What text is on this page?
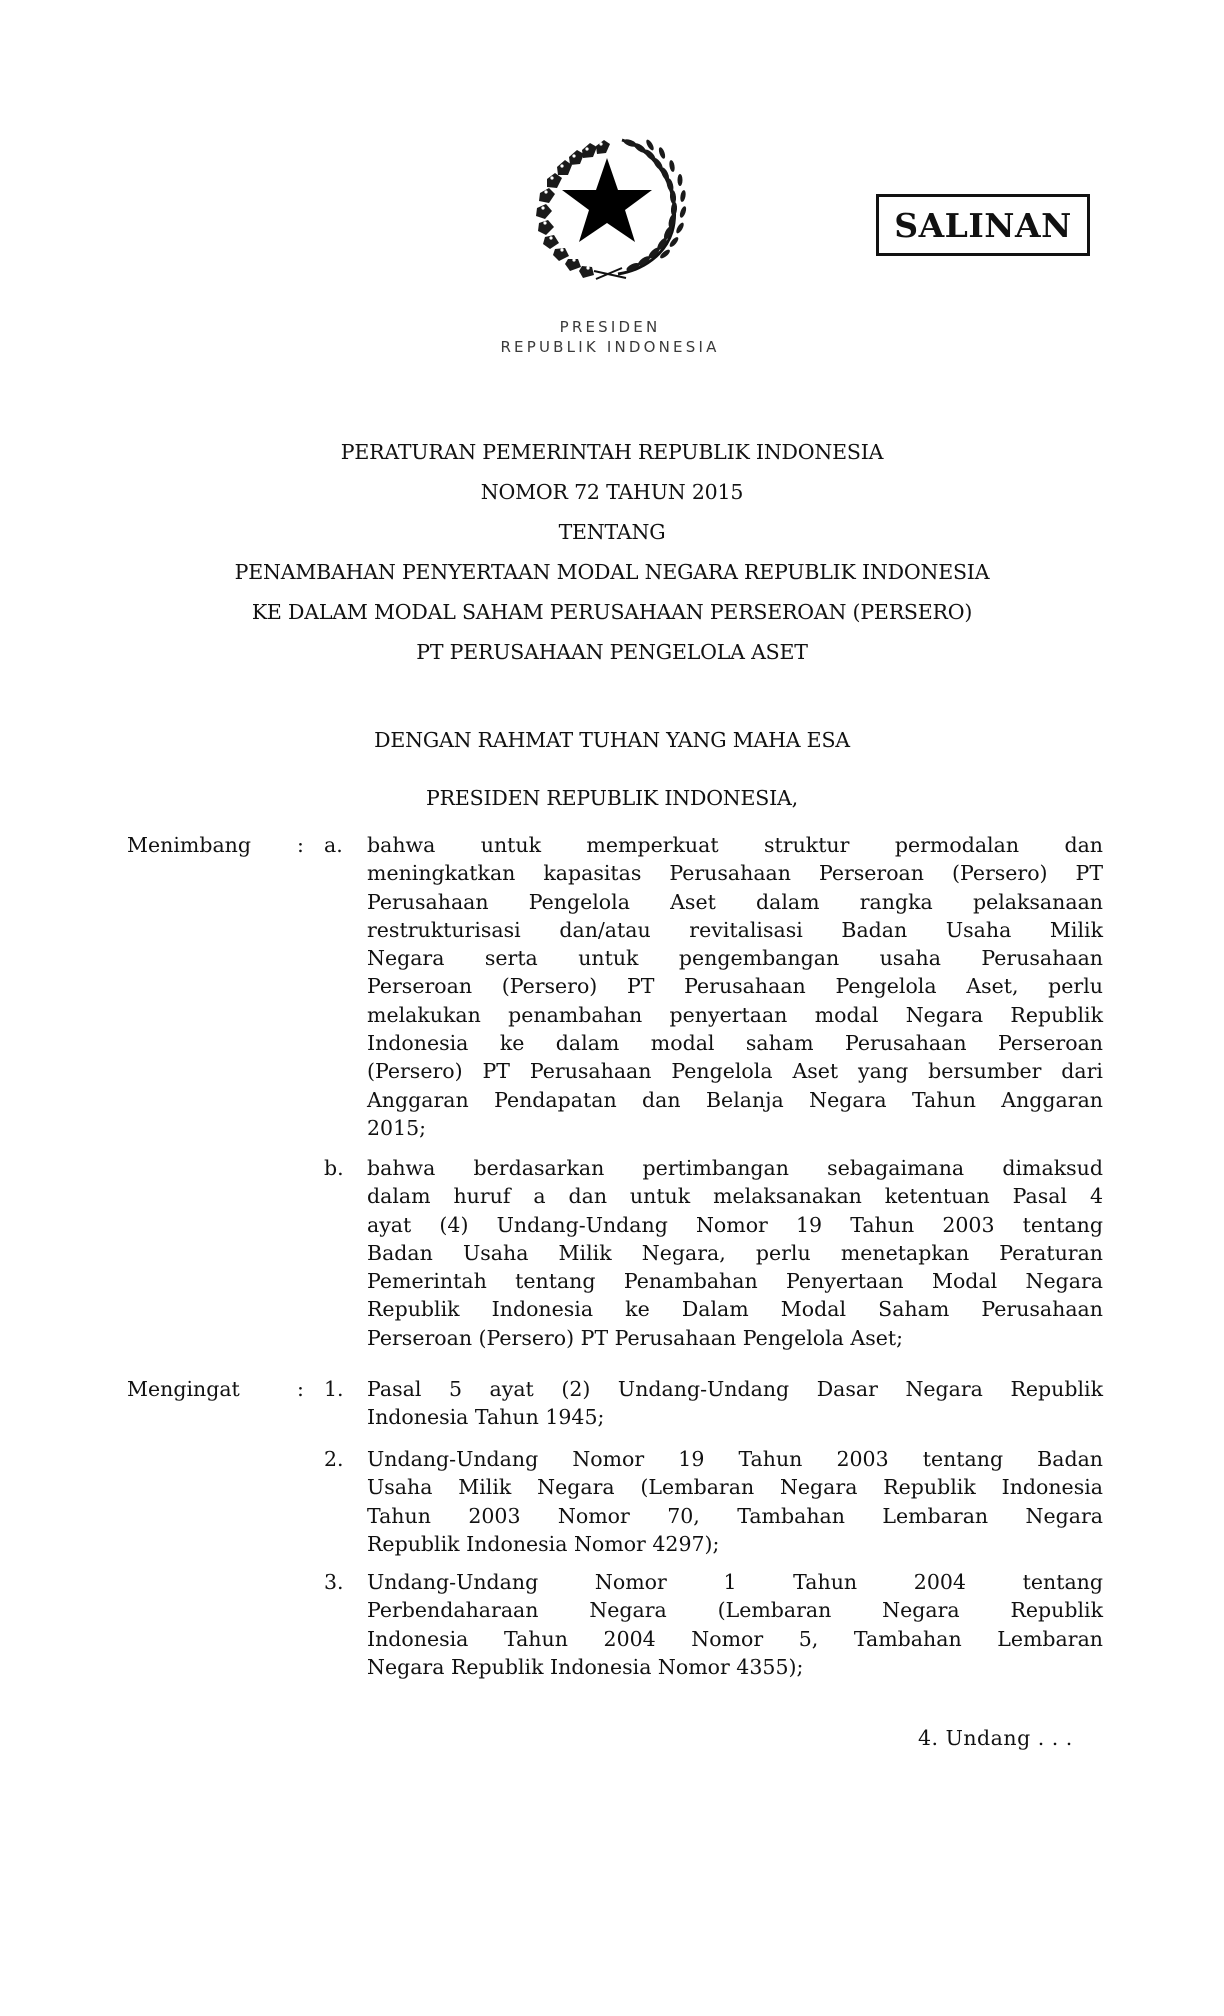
PRESIDEN
REPUBLIK INDONESIA
SALINAN
PERATURAN PEMERINTAH REPUBLIK INDONESIA
NOMOR 72 TAHUN 2015
TENTANG
PENAMBAHAN PENYERTAAN MODAL NEGARA REPUBLIK INDONESIA
KE DALAM MODAL SAHAM PERUSAHAAN PERSEROAN (PERSERO)
PT PERUSAHAAN PENGELOLA ASET
DENGAN RAHMAT TUHAN YANG MAHA ESA
PRESIDEN REPUBLIK INDONESIA,
Menimbang : a. bahwa untuk memperkuat struktur permodalan dan
meningkatkan kapasitas Perusahaan Perseroan (Persero) PT
Perusahaan Pengelola Aset dalam rangka pelaksanaan
restrukturisasi dan/atau revitalisasi Badan Usaha Milik
Negara serta untuk pengembangan usaha Perusahaan
Perseroan (Persero) PT Perusahaan Pengelola Aset, perlu
melakukan penambahan penyertaan modal Negara Republik
Indonesia ke dalam modal saham Perusahaan Perseroan
(Persero) PT Perusahaan Pengelola Aset yang bersumber dari
Anggaran Pendapatan dan Belanja Negara Tahun Anggaran
2015;
b. bahwa berdasarkan pertimbangan sebagaimana dimaksud
dalam huruf a dan untuk melaksanakan ketentuan Pasal 4
ayat (4) Undang-Undang Nomor 19 Tahun 2003 tentang
Badan Usaha Milik Negara, perlu menetapkan Peraturan
Pemerintah tentang Penambahan Penyertaan Modal Negara
Republik Indonesia ke Dalam Modal Saham Perusahaan
Perseroan (Persero) PT Perusahaan Pengelola Aset;
Mengingat	: 1. Pasal 5 ayat (2) Undang-Undang Dasar Negara Republik
Indonesia Tahun 1945;
2. Undang-Undang Nomor 19 Tahun 2003 tentang Badan
Usaha Milik Negara (Lembaran Negara Republik Indonesia
Tahun 2003 Nomor 70, Tambahan Lembaran Negara
Republik Indonesia Nomor 4297);
3. Undang-Undang Nomor 1 Tahun 2004 tentang
Perbendaharaan Negara (Lembaran Negara Republik
Indonesia Tahun 2004 Nomor 5, Tambahan Lembaran
Negara Republik Indonesia Nomor 4355);
4. Undang . . .
